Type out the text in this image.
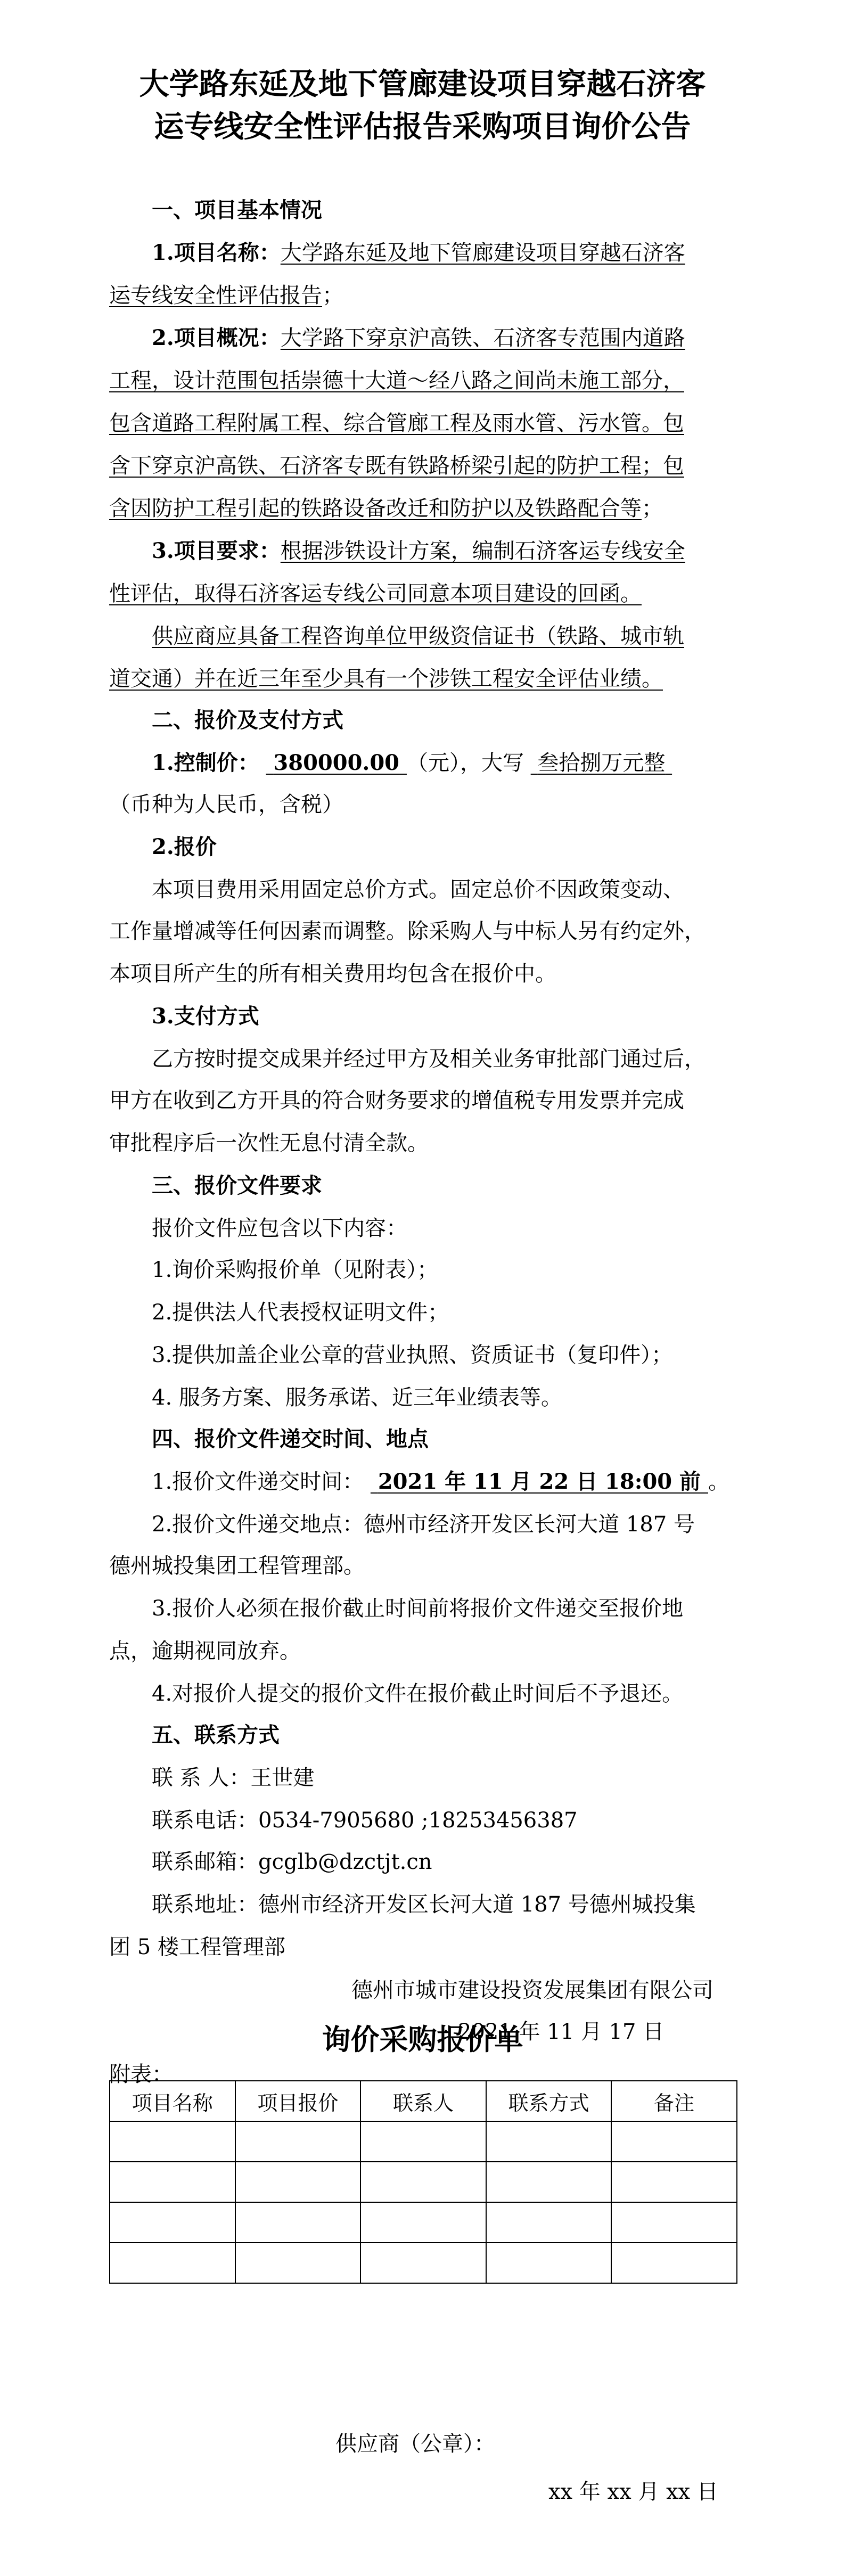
大学路东延及地下管廊建设项目穿越石济客
运专线安全性评估报告采购项目询价公告
一、项目基本情况
1.项目名称：大学路东延及地下管廊建设项目穿越石济客
运专线安全性评估报告；
2.项目概况：大学路下穿京沪高铁、石济客专范围内道路
工程，设计范围包括崇德十大道～经八路之间尚未施工部分，
包含道路工程附属工程、综合管廊工程及雨水管、污水管。包
含下穿京沪高铁、石济客专既有铁路桥梁引起的防护工程；包
含因防护工程引起的铁路设备改迁和防护以及铁路配合等；
3.项目要求：根据涉铁设计方案，编制石济客运专线安全
性评估，取得石济客运专线公司同意本项目建设的回函。
供应商应具备工程咨询单位甲级资信证书（铁路、城市轨
道交通）并在近三年至少具有一个涉铁工程安全评估业绩。
二、报价及支付方式
1.控制价： 380000.00 （元），大写 叁拾捌万元整
（币种为人民币，含税）
2.报价
本项目费用采用固定总价方式。固定总价不因政策变动、
工作量增减等任何因素而调整。除采购人与中标人另有约定外，
本项目所产生的所有相关费用均包含在报价中。
3.支付方式
乙方按时提交成果并经过甲方及相关业务审批部门通过后，
甲方在收到乙方开具的符合财务要求的增值税专用发票并完成
审批程序后一次性无息付清全款。
三、报价文件要求
报价文件应包含以下内容：
1.询价采购报价单（见附表）；
2.提供法人代表授权证明文件；
3.提供加盖企业公章的营业执照、资质证书（复印件）；
4. 服务方案、服务承诺、近三年业绩表等。
四、报价文件递交时间、地点
1.报价文件递交时间： 2021 年 11 月 22 日 18:00 前 。
2.报价文件递交地点：德州市经济开发区长河大道 187 号
德州城投集团工程管理部。
3.报价人必须在报价截止时间前将报价文件递交至报价地
点，逾期视同放弃。
4.对报价人提交的报价文件在报价截止时间后不予退还。
五、联系方式
联 系 人：王世建
联系电话：0534-7905680 ;18253456387
联系邮箱：gcglb@dzctjt.cn
联系地址：德州市经济开发区长河大道 187 号德州城投集
团 5 楼工程管理部
德州市城市建设投资发展集团有限公司
2021 年 11 月 17 日
附表：
询价采购报价单
项目名称	项目报价	联系人	联系方式	备注

供应商（公章）：
xx 年 xx 月 xx 日
